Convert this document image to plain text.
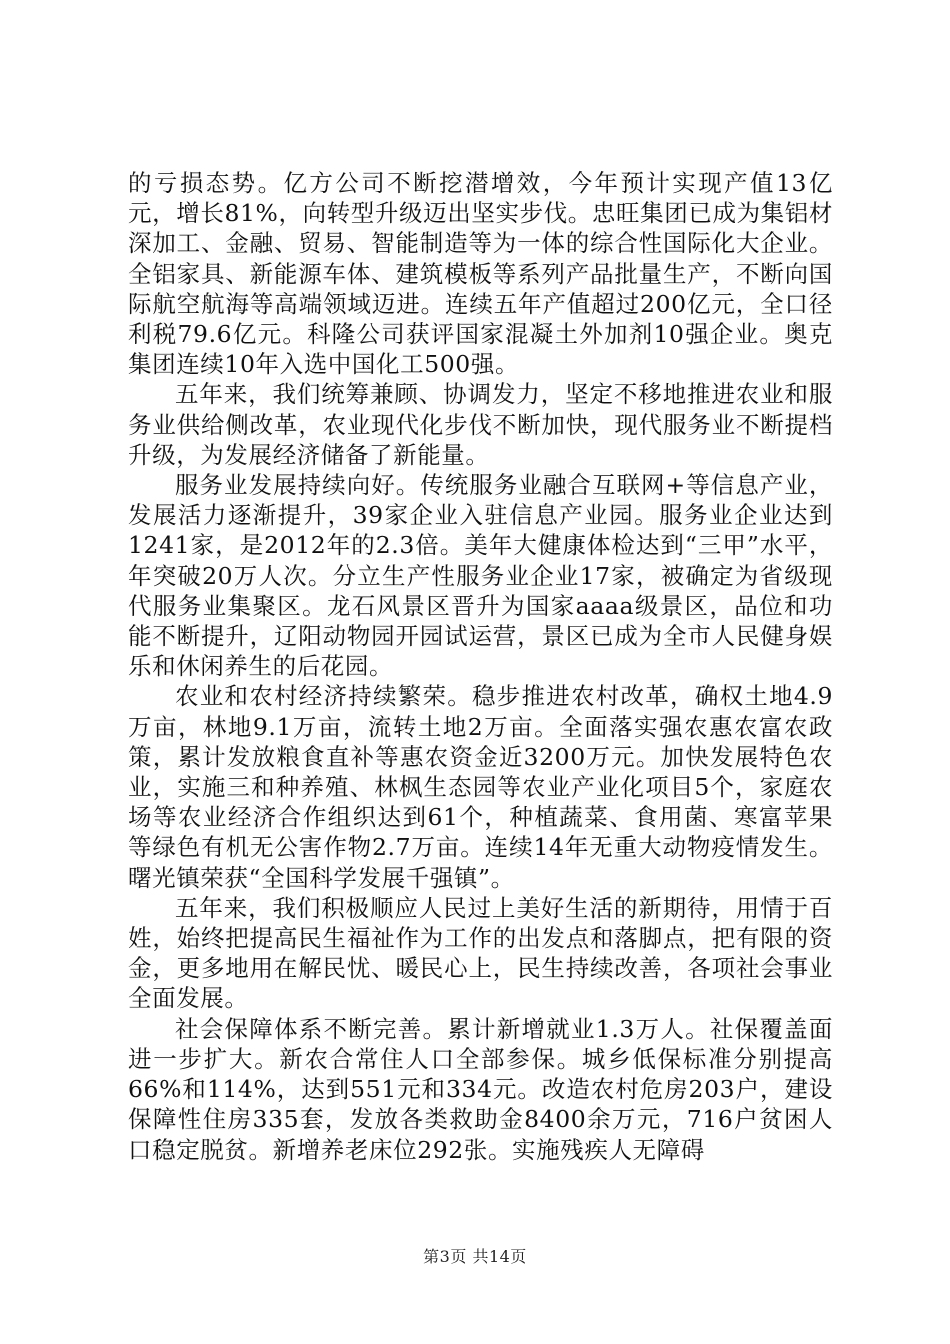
的亏损态势。亿方公司不断挖潜增效，今年预计实现产值13亿元，增长81%，向转型升级迈出坚实步伐。忠旺集团已成为集铝材深加工、金融、贸易、智能制造等为一体的综合性国际化大企业。全铝家具、新能源车体、建筑模板等系列产品批量生产，不断向国际航空航海等高端领域迈进。连续五年产值超过200亿元，全口径利税79.6亿元。科隆公司获评国家混凝土外加剂10强企业。奥克集团连续10年入选中国化工500强。

五年来，我们统筹兼顾、协调发力，坚定不移地推进农业和服务业供给侧改革，农业现代化步伐不断加快，现代服务业不断提档升级，为发展经济储备了新能量。

服务业发展持续向好。传统服务业融合互联网+等信息产业，发展活力逐渐提升，39家企业入驻信息产业园。服务业企业达到1241家，是2012年的2.3倍。美年大健康体检达到“三甲”水平，年突破20万人次。分立生产性服务业企业17家，被确定为省级现代服务业集聚区。龙石风景区晋升为国家aaaa级景区，品位和功能不断提升，辽阳动物园开园试运营，景区已成为全市人民健身娱乐和休闲养生的后花园。

农业和农村经济持续繁荣。稳步推进农村改革，确权土地4.9万亩，林地9.1万亩，流转土地2万亩。全面落实强农惠农富农政策，累计发放粮食直补等惠农资金近3200万元。加快发展特色农业，实施三和种养殖、林枫生态园等农业产业化项目5个，家庭农场等农业经济合作组织达到61个，种植蔬菜、食用菌、寒富苹果等绿色有机无公害作物2.7万亩。连续14年无重大动物疫情发生。曙光镇荣获“全国科学发展千强镇”。

五年来，我们积极顺应人民过上美好生活的新期待，用情于百姓，始终把提高民生福祉作为工作的出发点和落脚点，把有限的资金，更多地用在解民忧、暖民心上，民生持续改善，各项社会事业全面发展。

社会保障体系不断完善。累计新增就业1.3万人。社保覆盖面进一步扩大。新农合常住人口全部参保。城乡低保标准分别提高66%和114%，达到551元和334元。改造农村危房203户，建设保障性住房335套，发放各类救助金8400余万元，716户贫困人口稳定脱贫。新增养老床位292张。实施残疾人无障碍

第3页 共14页
